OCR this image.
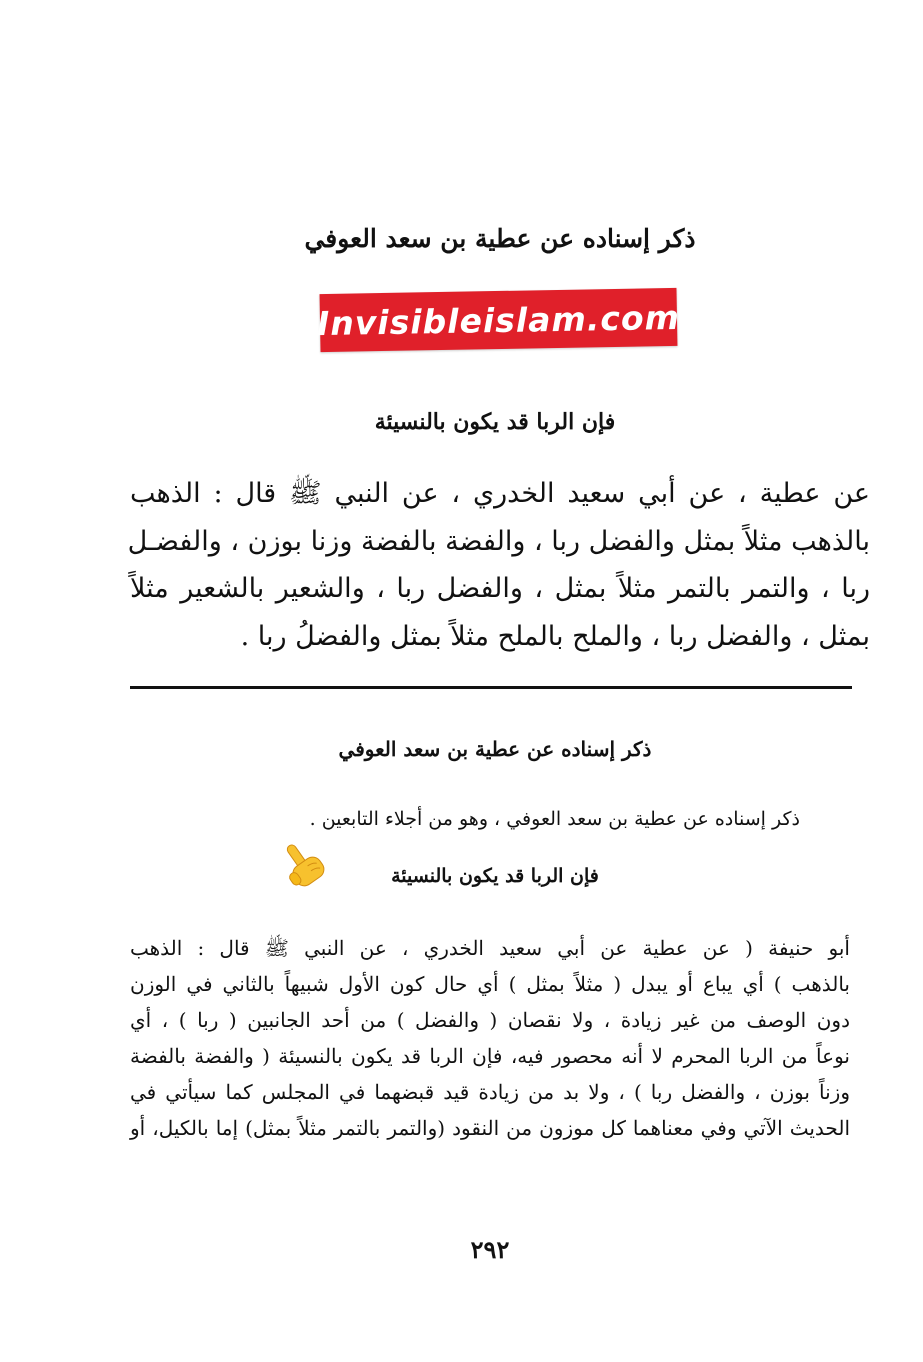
ذكر إسناده عن عطية بن سعد العوفي
Invisibleislam.com
فإن الربا قد يكون بالنسيئة
عن عطية ، عن أبي سعيد الخدري ، عن النبي ﷺ قال : الذهب
بالذهب مثلاً بمثل والفضل ربا ، والفضة بالفضة وزنا بوزن ، والفضـل
ربا ، والتمر بالتمر مثلاً بمثل ، والفضل ربا ، والشعير بالشعير مثلاً
بمثل ، والفضل ربا ، والملح بالملح مثلاً بمثل والفضلُ ربا .
ذكر إسناده عن عطية بن سعد العوفي
ذكر إسناده عن عطية بن سعد العوفي ، وهو من أجلاء التابعين .
فإن الربا قد يكون بالنسيئة
أبو حنيفة ( عن عطية عن أبي سعيد الخدري ، عن النبي ﷺ قال : الذهب
بالذهب ) أي يباع أو يبدل ( مثلاً بمثل ) أي حال كون الأول شبيهاً بالثاني في الوزن
دون الوصف من غير زيادة ، ولا نقصان ( والفضل ) من أحد الجانبين ( ربا ) ، أي
نوعاً من الربا المحرم لا أنه محصور فيه، فإن الربا قد يكون بالنسيئة ( والفضة بالفضة
وزناً بوزن ، والفضل ربا ) ، ولا بد من زيادة قيد قبضهما في المجلس كما سيأتي في
الحديث الآتي وفي معناهما كل موزون من النقود (والتمر بالتمر مثلاً بمثل) إما بالكيل، أو
٢٩٢
